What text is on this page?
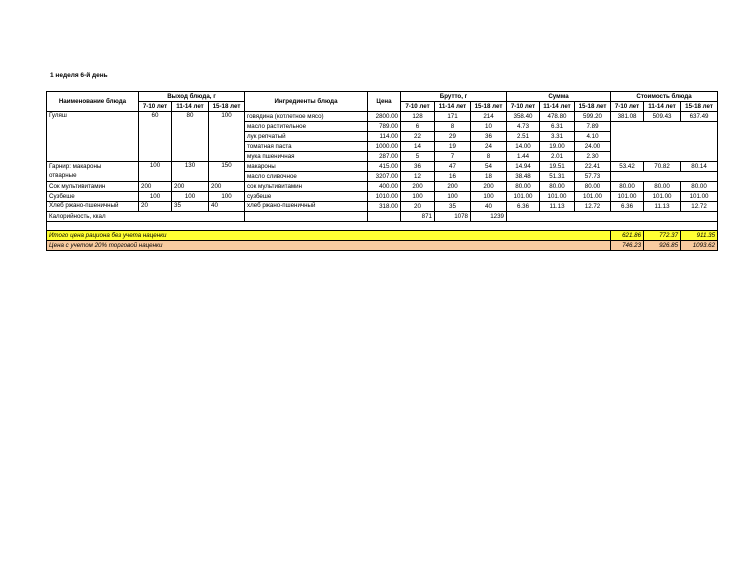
1 неделя 6-й день
Наименование блюда	Выход блюда, г			Ингредиенты блюда	Цена	Брутто, г			Сумма			Стоимость блюда		
	7-10 лет	11-14 лет	15-18 лет			7-10 лет	11-14 лет	15-18 лет	7-10 лет	11-14 лет	15-18 лет	7-10 лет	11-14 лет	15-18 лет
Гуляш	60	80	100	говядина (котлетное мясо)	2800.00	128	171	214	358.40	478.80	599.20	381.08	509.43	637.49
				масло растительное	789.00	6	8	10	4.73	6.31	7.89			
				лук репчатый	114.00	22	29	36	2.51	3.31	4.10			
				томатная паста	1000.00	14	19	24	14.00	19.00	24.00			
				мука пшеничная	287.00	5	7	8	1.44	2.01	2.30			
Гарнир: макароны	100	130	150	макароны	415.00	36	47	54	14.94	19.51	22.41	53.42	70.82	80.14
отварные				масло сливочное	3207.00	12	16	18	38.48	51.31	57.73			
Сок мультивитамин	200	200	200	сок мультивитамин	400.00	200	200	200	80.00	80.00	80.00	80.00	80.00	80.00
Сузбеше	100	100	100	сузбеше	1010.00	100	100	100	101.00	101.00	101.00	101.00	101.00	101.00
Хлеб ржано-пшеничный	20	35	40	хлеб ржано-пшеничный	318.00	20	35	40	6.36	11.13	12.72	6.36	11.13	12.72
Калорийность, ккал						871	1078	1239						

Итого цена рациона без учета наценки												621.86	772.37	911.35
Цена с учетом 20% торговой наценки												746.23	926.85	1093.62
